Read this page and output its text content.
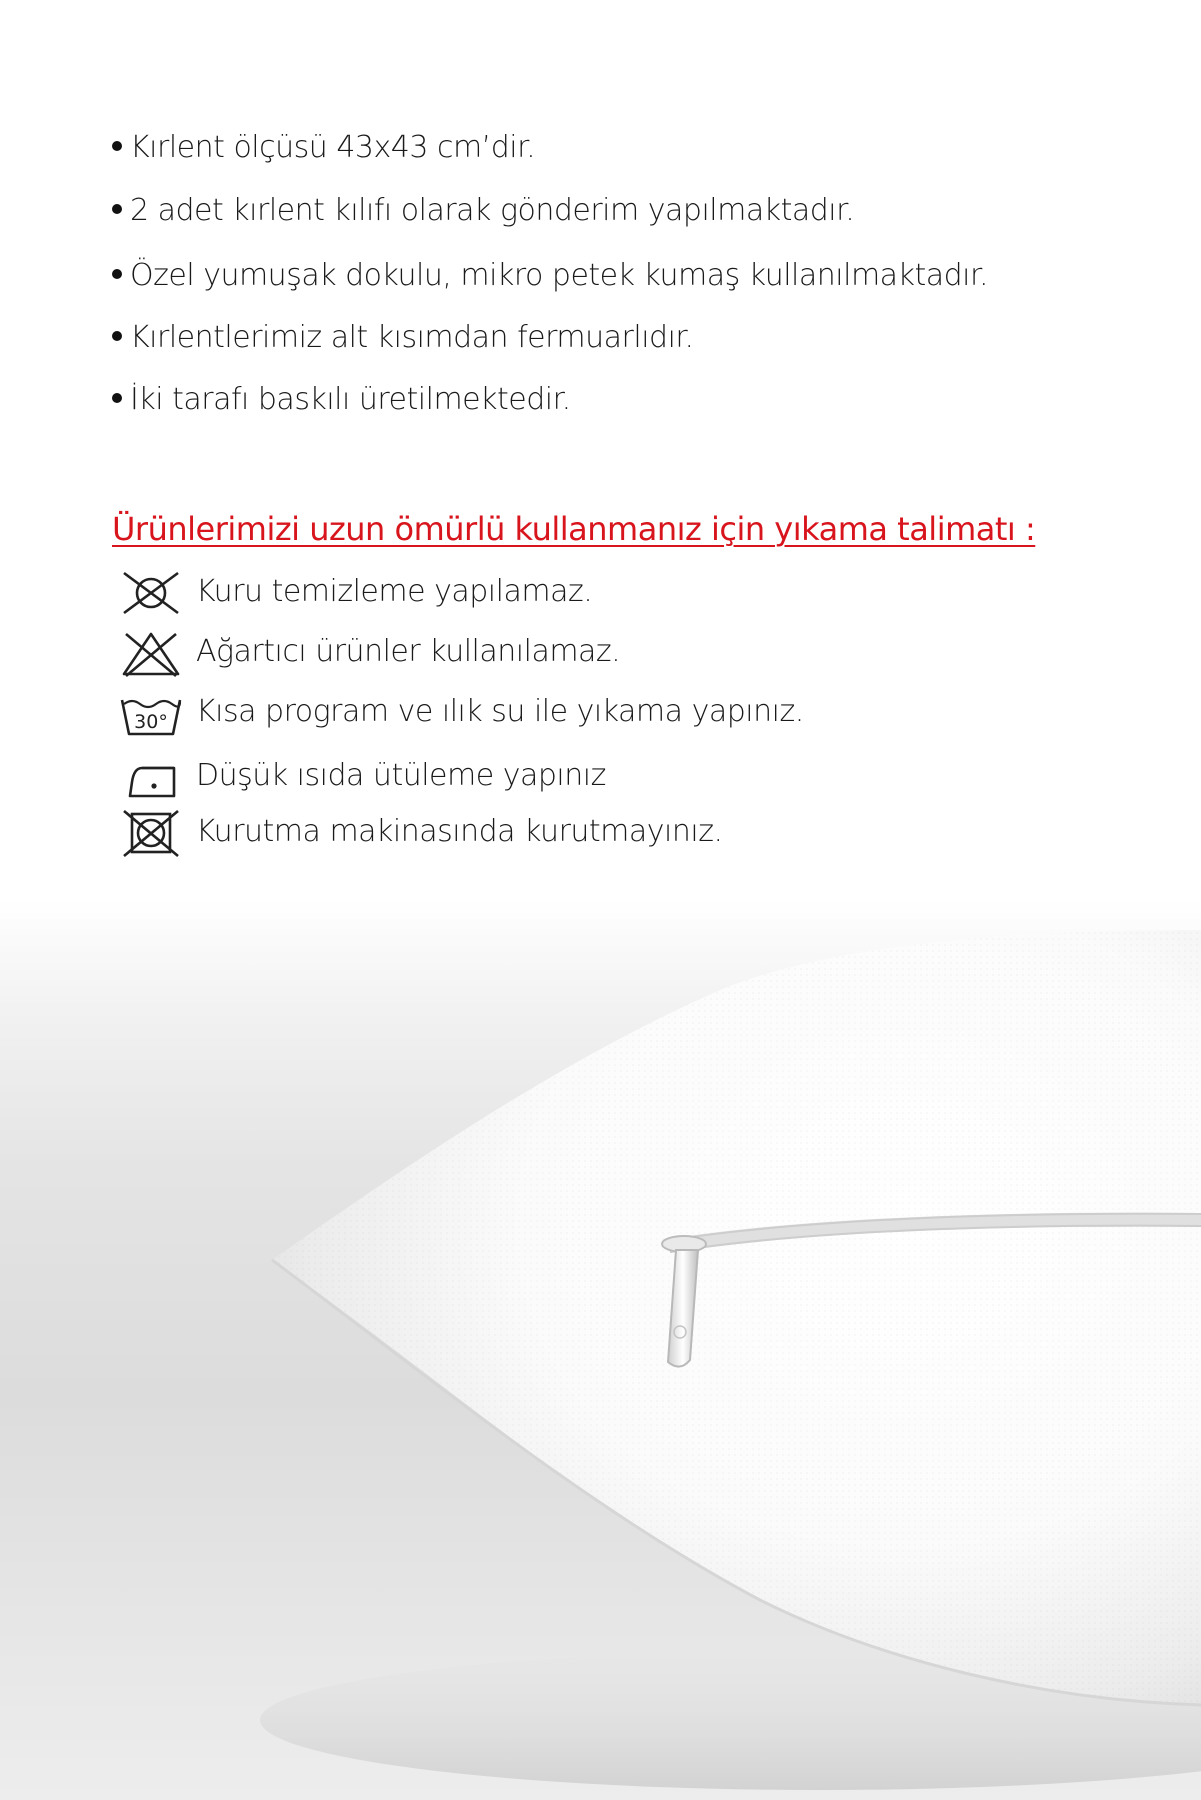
Kırlent ölçüsü 43x43 cm’dir.
2 adet kırlent kılıfı olarak gönderim yapılmaktadır.
Özel yumuşak dokulu, mikro petek kumaş kullanılmaktadır.
Kırlentlerimiz alt kısımdan fermuarlıdır.
İki tarafı baskılı üretilmektedir.
Ürünlerimizi uzun ömürlü kullanmanız için yıkama talimatı :
Kuru temizleme yapılamaz.
Ağartıcı ürünler kullanılamaz.
30° Kısa program ve ılık su ile yıkama yapınız.
Düşük ısıda ütüleme yapınız
Kurutma makinasında kurutmayınız.
